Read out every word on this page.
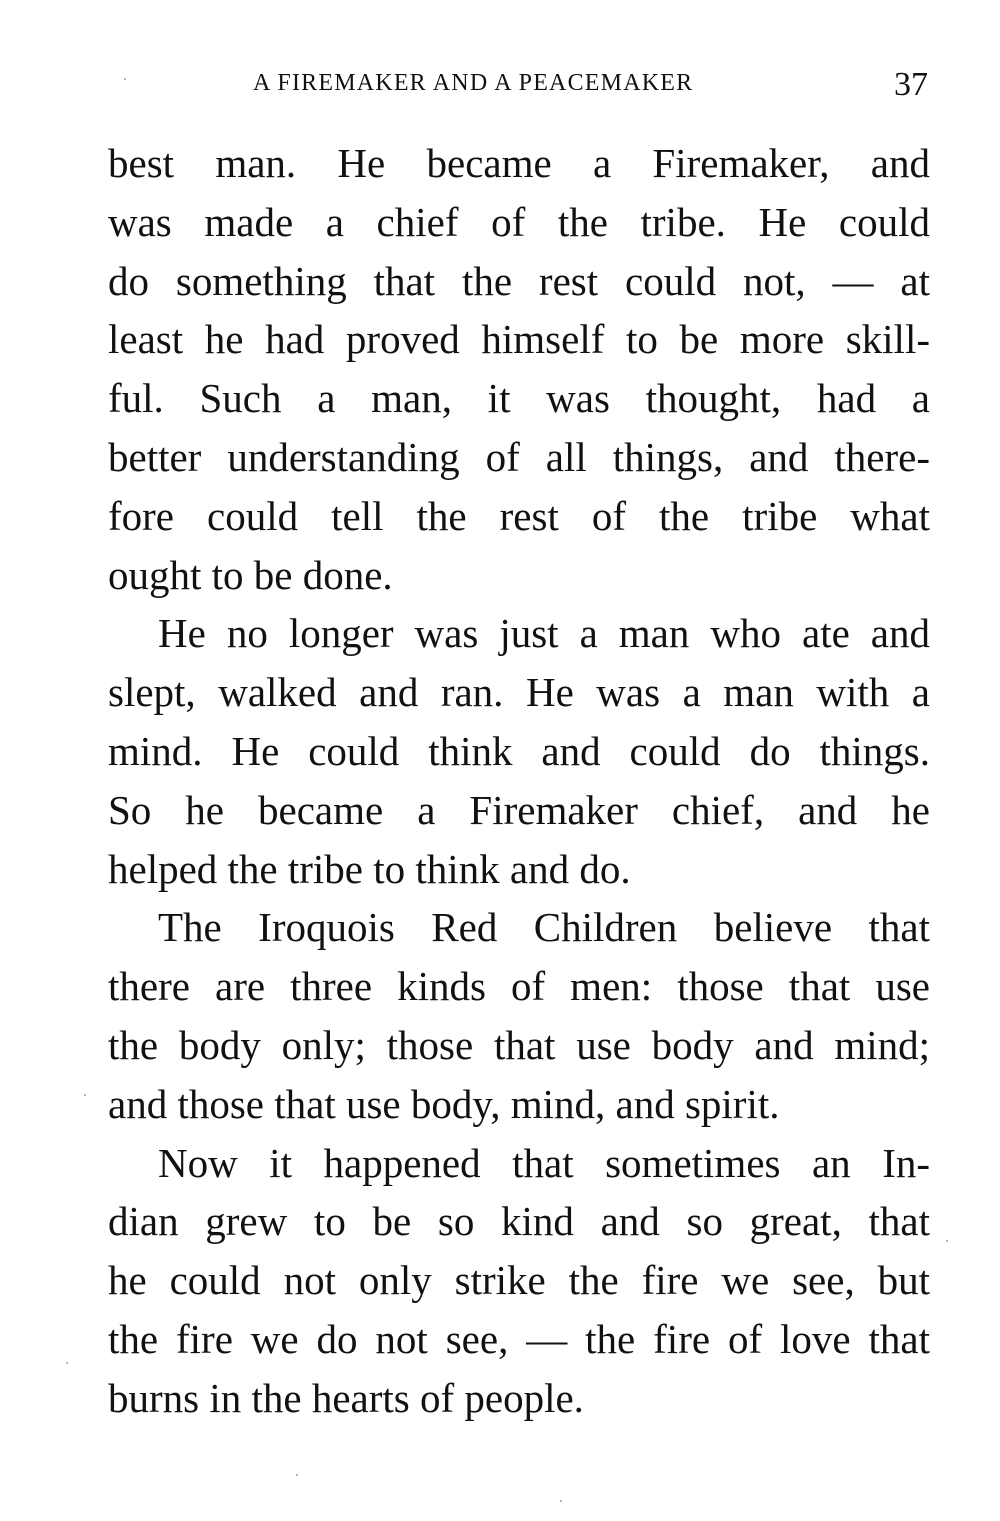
A FIREMAKER AND A PEACEMAKER	37
best man. He became a Firemaker, and
was made a chief of the tribe. He could
do something that the rest could not, — at
least he had proved himself to be more skill-
ful. Such a man, it was thought, had a
better understanding of all things, and there-
fore could tell the rest of the tribe what
ought to be done.
He no longer was just a man who ate and
slept, walked and ran. He was a man with a
mind. He could think and could do things.
So he became a Firemaker chief, and he
helped the tribe to think and do.
The Iroquois Red Children believe that
there are three kinds of men: those that use
the body only; those that use body and mind;
and those that use body, mind, and spirit.
Now it happened that sometimes an In-
dian grew to be so kind and so great, that
he could not only strike the fire we see, but
the fire we do not see, — the fire of love that
burns in the hearts of people.
